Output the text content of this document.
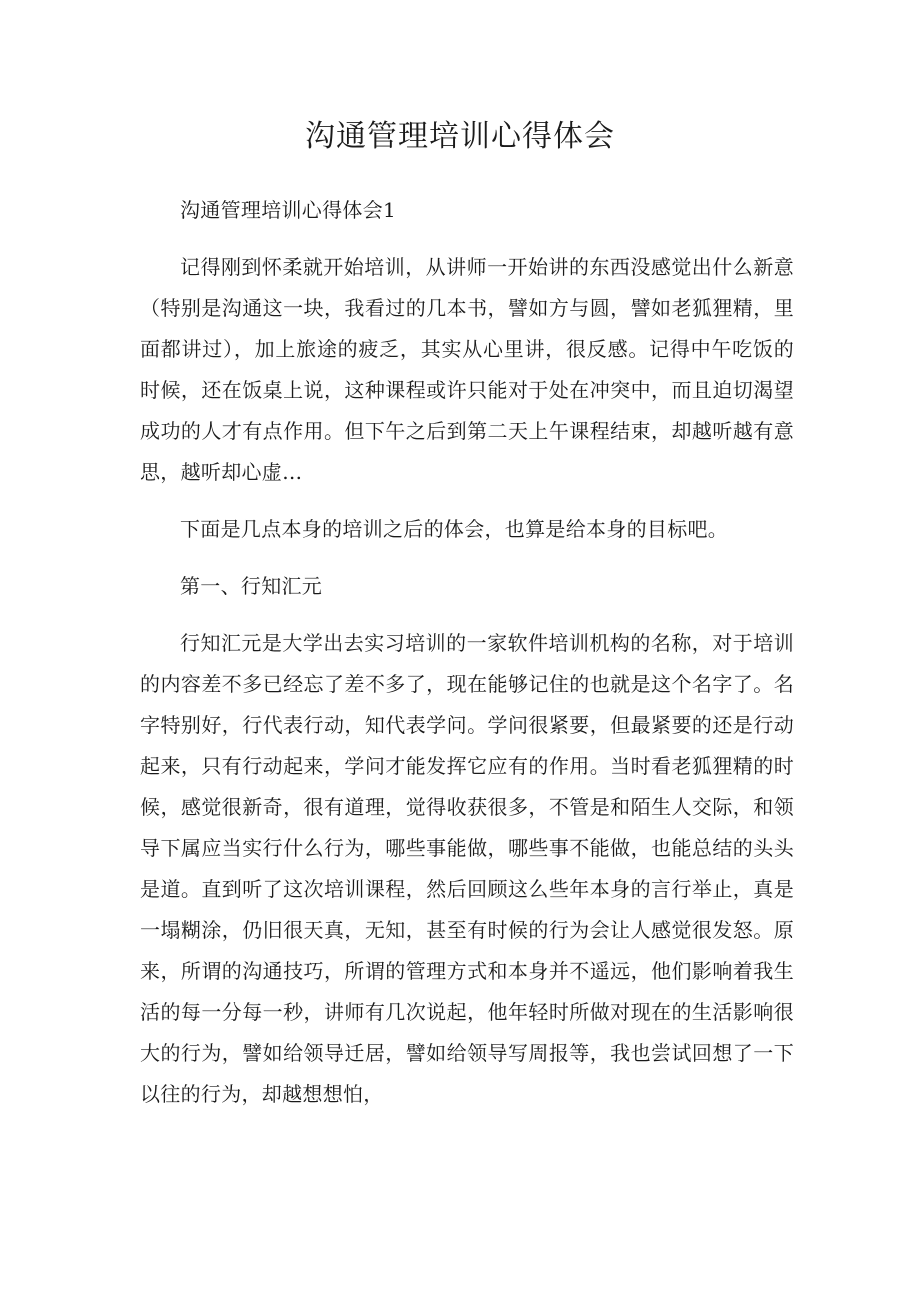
沟通管理培训心得体会

沟通管理培训心得体会1

记得刚到怀柔就开始培训，从讲师一开始讲的东西没感觉出什么新意（特别是沟通这一块，我看过的几本书，譬如方与圆，譬如老狐狸精，里面都讲过），加上旅途的疲乏，其实从心里讲，很反感。记得中午吃饭的时候，还在饭桌上说，这种课程或许只能对于处在冲突中，而且迫切渴望成功的人才有点作用。但下午之后到第二天上午课程结束，却越听越有意思，越听却心虚…

下面是几点本身的培训之后的体会，也算是给本身的目标吧。

第一、行知汇元

行知汇元是大学出去实习培训的一家软件培训机构的名称，对于培训的内容差不多已经忘了差不多了，现在能够记住的也就是这个名字了。名字特别好，行代表行动，知代表学问。学问很紧要，但最紧要的还是行动起来，只有行动起来，学问才能发挥它应有的作用。当时看老狐狸精的时候，感觉很新奇，很有道理，觉得收获很多，不管是和陌生人交际，和领导下属应当实行什么行为，哪些事能做，哪些事不能做，也能总结的头头是道。直到听了这次培训课程，然后回顾这么些年本身的言行举止，真是一塌糊涂，仍旧很天真，无知，甚至有时候的行为会让人感觉很发怒。原来，所谓的沟通技巧，所谓的管理方式和本身并不遥远，他们影响着我生活的每一分每一秒，讲师有几次说起，他年轻时所做对现在的生活影响很大的行为，譬如给领导迁居，譬如给领导写周报等，我也尝试回想了一下以往的行为，却越想想怕，
